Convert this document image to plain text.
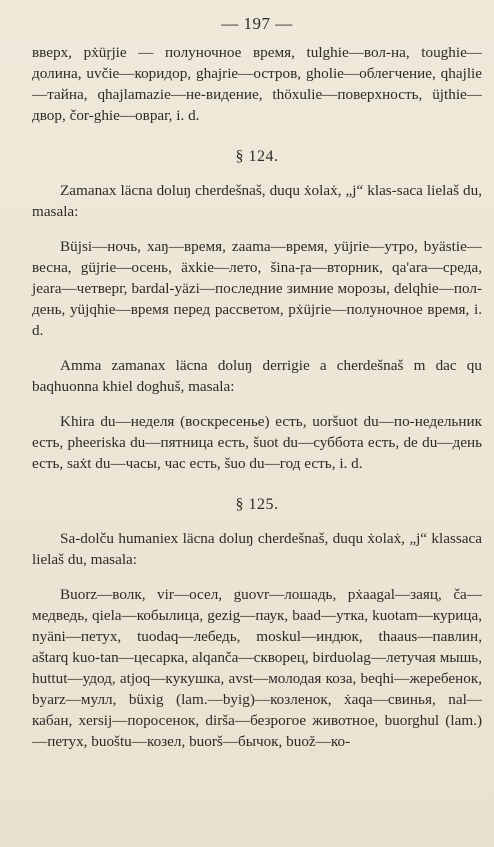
— 197 —

вверх, pẋüŗjie — полуночное время, tulghie—вол-на, toughie—долина, uvčie—коридор, ghajrie—остров, gholie—облегчение, qhajlie—тайна, qhajlamazie—не-видение, thöxulie—поверхность, üjthie—двор, čor-ghie—овраг, i. d.

§ 124.

Zamanax läcna doluŋ cherdešnaš, duqu ẋolaẋ, „j“ klas-saca lielaš du, masala:

Büjsi—ночь, xaŋ—время, zaama—время, yüjrie—утро, byästie—весна, güjrie—осень, äxkie—лето, šina-ŗa—вторник, qa'ara—среда, jeara—четверг, bardal-yäzi—последние зимние морозы, delqhie—пол-день, yüjqhie—время перед рассветом, pẋüjrie—полуночное время, i. d.

Amma zamanax läcna doluŋ derrigie a cherdešnaš m dac qu baqhuonna khiel doghuš, masala:

Khira du—неделя (воскресенье) есть, uoršuot du—по-недельник есть, pheeriska du—пятница есть, šuot du—суббота есть, de du—день есть, saẋt du—часы, час есть, šuo du—год есть, i. d.

§ 125.

Sa-dolču humaniex läcna doluŋ cherdešnaš, duqu ẋolaẋ, „j“ klassaca lielaš du, masala:

Buorz—волк, vir—осел, guovr—лошадь, pẋaagal—заяц, ča—медведь, qiela—кобылица, gezig—паук, baad—утка, kuotam—курица, nyäni—петух, tuodaq—лебедь, moskul—индюк, thaaus—павлин, aštarq kuo-tan—цесарка, alqanča—скворец, birduolag—летучая мышь, huttut—удод, atjoq—кукушка, avst—молодая коза, beqhi—жеребенок, byarz—мулл, büxig (lam.—byig)—козленок, ẋaqa—свинья, nal—кабан, xersij—поросенок, dirša—безрогое животное, buorghul (lam.)—петух, buoštu—козел, buorš—бычок, buož—ко-
